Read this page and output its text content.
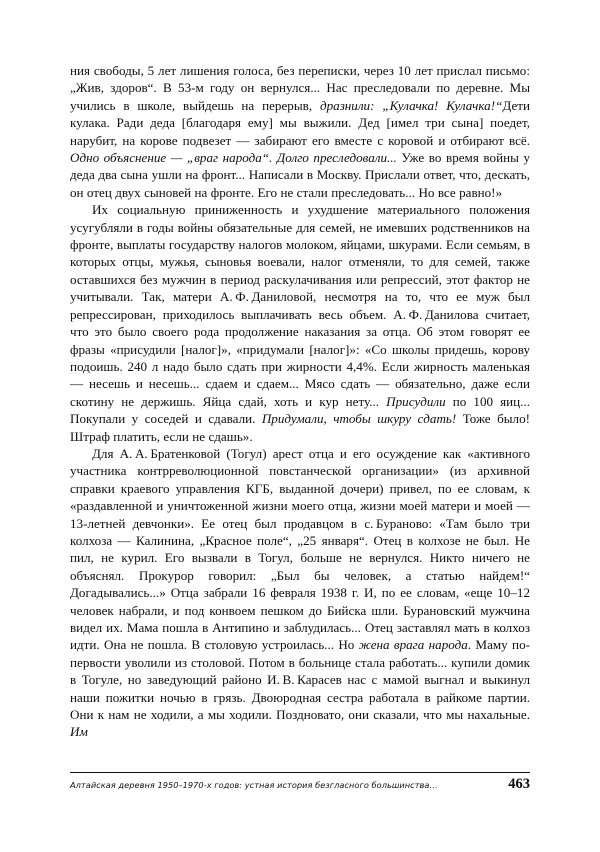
ния свободы, 5 лет лишения голоса, без переписки, через 10 лет прислал письмо: „Жив, здоров“. В 53-м году он вернулся... Нас преследовали по деревне. Мы учились в школе, выйдешь на перерыв, дразнили: „Кулачка! Кулачка!“Дети кулака. Ради деда [благодаря ему] мы выжили. Дед [имел три сына] поедет, нарубит, на корове подвезет — забирают его вместе с коровой и отбирают всё. Одно объяснение — „враг народа“. Долго преследовали... Уже во время войны у деда два сына ушли на фронт... Написали в Москву. Прислали ответ, что, дескать, он отец двух сыновей на фронте. Его не стали преследовать... Но все равно!»

Их социальную приниженность и ухудшение материального положения усугубляли в годы войны обязательные для семей, не имевших родственников на фронте, выплаты государству налогов молоком, яйцами, шкурами. Если семьям, в которых отцы, мужья, сыновья воевали, налог отменяли, то для семей, также оставшихся без мужчин в период раскулачивания или репрессий, этот фактор не учитывали. Так, матери А. Ф. Даниловой, несмотря на то, что ее муж был репрессирован, приходилось выплачивать весь объем. А. Ф. Данилова считает, что это было своего рода продолжение наказания за отца. Об этом говорят ее фразы «присудили [налог]», «придумали [налог]»: «Со школы придешь, корову подоишь. 240 л надо было сдать при жирности 4,4%. Если жирность маленькая — несешь и несешь... сдаем и сдаем... Мясо сдать — обязательно, даже если скотину не держишь. Яйца сдай, хоть и кур нету... Присудили по 100 яиц... Покупали у соседей и сдавали. Придумали, чтобы шкуру сдать! Тоже было! Штраф платить, если не сдашь».

Для А. А. Братенковой (Тогул) арест отца и его осуждение как «активного участника контрреволюционной повстанческой организации» (из архивной справки краевого управления КГБ, выданной дочери) привел, по ее словам, к «раздавленной и уничтоженной жизни моего отца, жизни моей матери и моей — 13-летней девчонки». Ее отец был продавцом в с. Бураново: «Там было три колхоза — Калинина, „Красное поле“, „25 января“. Отец в колхозе не был. Не пил, не курил. Его вызвали в Тогул, больше не вернулся. Никто ничего не объяснял. Прокурор говорил: „Был бы человек, а статью найдем!“ Догадывались...» Отца забрали 16 февраля 1938 г. И, по ее словам, «еще 10–12 человек набрали, и под конвоем пешком до Бийска шли. Бурановский мужчина видел их. Мама пошла в Антипино и заблудилась... Отец заставлял мать в колхоз идти. Она не пошла. В столовую устроилась... Но жена врага народа. Маму по-первости уволили из столовой. Потом в больнице стала работать... купили домик в Тогуле, но заведующий районо И. В. Карасев нас с мамой выгнал и выкинул наши пожитки ночью в грязь. Двоюродная сестра работала в райкоме партии. Они к нам не ходили, а мы ходили. Поздновато, они сказали, что мы нахальные. Им

Алтайская деревня 1950–1970-х годов: устная история безгласного большинства…	463
